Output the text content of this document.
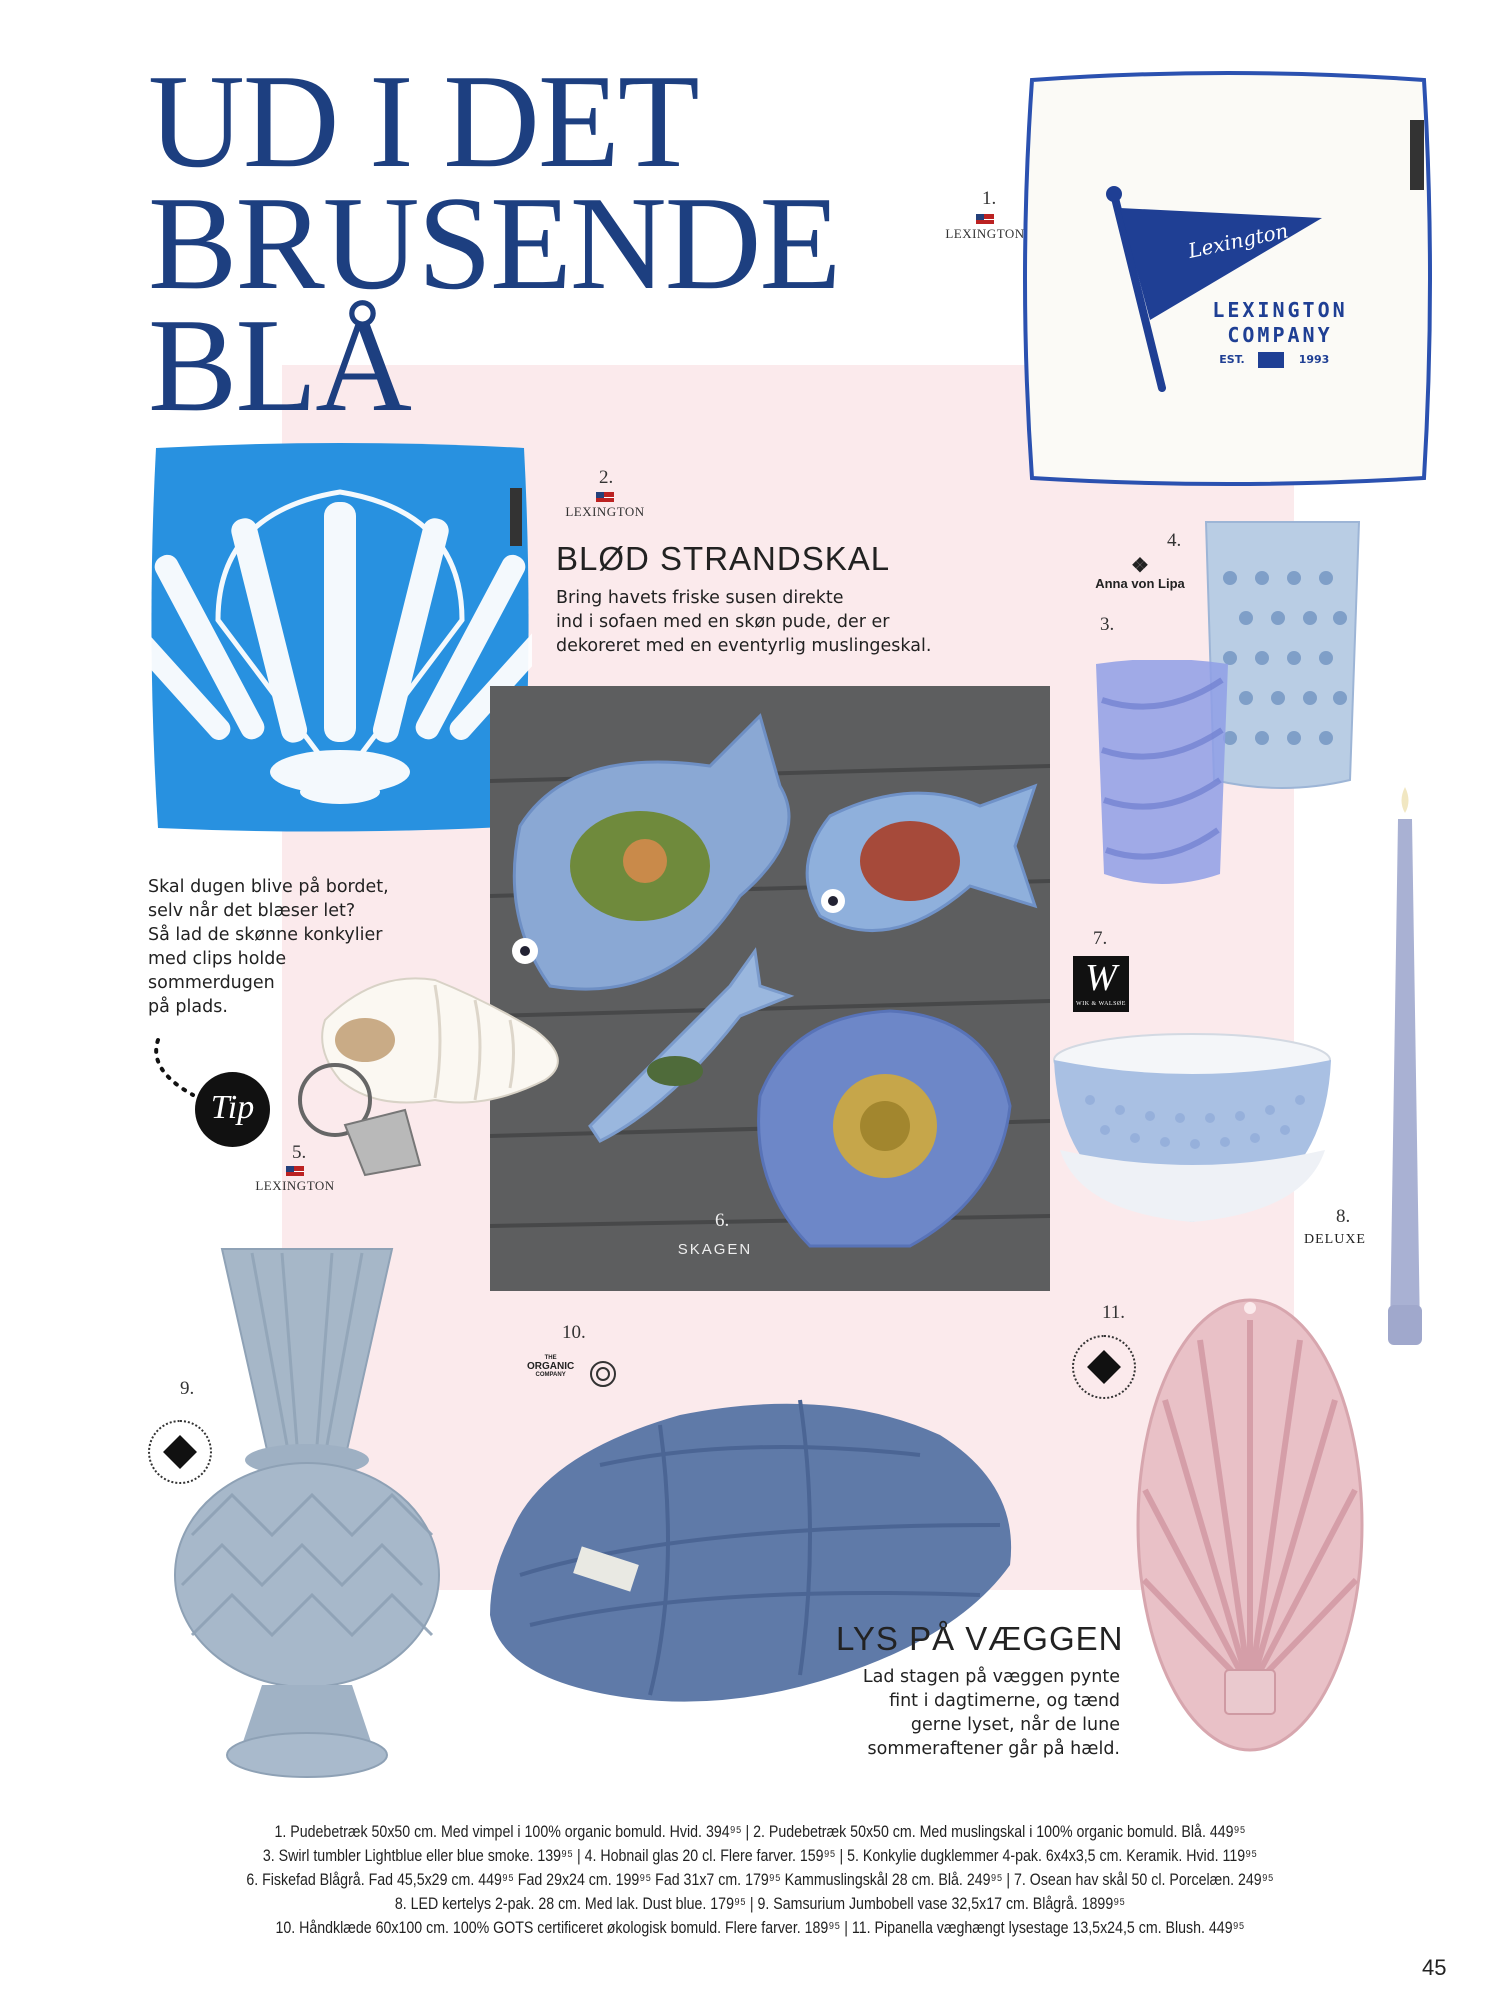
UD I DET
BRUSENDE
BLÅ
1.
LEXINGTON	Lexington
LEXINGTON
COMPANY
EST.	1993
2.
LEXINGTON
BLØD STRANDSKAL

Bring havets friske susen direkte
ind i sofaen med en skøn pude, der er
dekoreret med en eventyrlig muslingeskal.

4.
❖
Anna von Lipa
3.
6.
SKAGEN

Skal dugen blive på bordet,
selv når det blæser let?
Så lad de skønne konkylier
med clips holde
sommerdugen
på plads.

Tip
5.
LEXINGTON
7.
W
WIK & WALSØE
8.
DELUXE
9.
10.
THE
ORGANIC
COMPANY
11.
LYS PÅ VÆGGEN

Lad stagen på væggen pynte
fint i dagtimerne, og tænd
gerne lyset, når de lune
sommeraftener går på hæld.

1. Pudebetræk 50x50 cm. Med vimpel i 100% organic bomuld. Hvid. 394⁹⁵ | 2. Pudebetræk 50x50 cm. Med muslingskal i 100% organic bomuld. Blå. 449⁹⁵
3. Swirl tumbler Lightblue eller blue smoke. 139⁹⁵ | 4. Hobnail glas 20 cl. Flere farver. 159⁹⁵ | 5. Konkylie dugklemmer 4-pak. 6x4x3,5 cm. Keramik. Hvid. 119⁹⁵
6. Fiskefad Blågrå. Fad 45,5x29 cm. 449⁹⁵ Fad 29x24 cm. 199⁹⁵ Fad 31x7 cm. 179⁹⁵ Kammuslingskål 28 cm. Blå. 249⁹⁵ | 7. Osean hav skål 50 cl. Porcelæn. 249⁹⁵
8. LED kertelys 2-pak. 28 cm. Med lak. Dust blue. 179⁹⁵ | 9. Samsurium Jumbobell vase 32,5x17 cm. Blågrå. 1899⁹⁵
10. Håndklæde 60x100 cm. 100% GOTS certificeret økologisk bomuld. Flere farver. 189⁹⁵ | 11. Pipanella væghængt lysestage 13,5x24,5 cm. Blush. 449⁹⁵
45
